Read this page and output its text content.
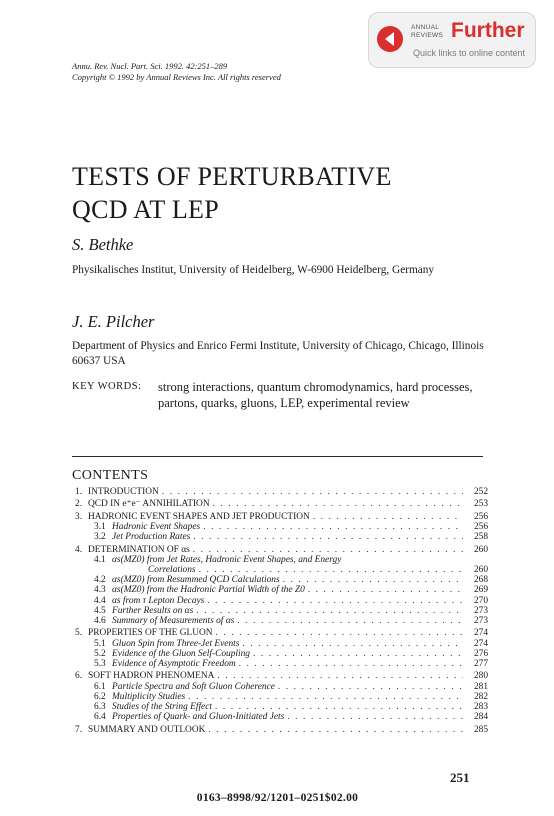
ANNUAL REVIEWS Further
Quick links to online content
Annu. Rev. Nucl. Part. Sci. 1992. 42:251–289
Copyright © 1992 by Annual Reviews Inc. All rights reserved
TESTS OF PERTURBATIVE
QCD AT LEP
S. Bethke
Physikalisches Institut, University of Heidelberg, W-6900 Heidelberg, Germany
J. E. Pilcher
Department of Physics and Enrico Fermi Institute, University of Chicago, Chicago, Illinois 60637 USA
KEY WORDS: strong interactions, quantum chromodynamics, hard processes, partons, quarks, gluons, LEP, experimental review
CONTENTS
1. INTRODUCTION . . .	252
2. QCD IN e⁺e⁻ ANNIHILATION . . .	253
3. HADRONIC EVENT SHAPES AND JET PRODUCTION . . .	256
3.1 Hadronic Event Shapes . . .	256
3.2 Jet Production Rates . . .	258
4. DETERMINATION OF αs . . .	260
4.1 αs(MZ0) from Jet Rates, Hadronic Event Shapes, and Energy
Correlations . . .	260
4.2 αs(MZ0) from Resummed QCD Calculations . . .	268
4.3 αs(MZ0) from the Hadronic Partial Width of the Z0 . . .	269
4.4 αs from τ Lepton Decays . . .	270
4.5 Further Results on αs . . .	273
4.6 Summary of Measurements of αs . . .	273
5. PROPERTIES OF THE GLUON . . .	274
5.1 Gluon Spin from Three-Jet Events . . .	274
5.2 Evidence of the Gluon Self-Coupling . . .	276
5.3 Evidence of Asymptotic Freedom . . .	277
6. SOFT HADRON PHENOMENA . . .	280
6.1 Particle Spectra and Soft Gluon Coherence . . .	281
6.2 Multiplicity Studies . . .	282
6.3 Studies of the String Effect . . .	283
6.4 Properties of Quark- and Gluon-Initiated Jets . . .	284
7. SUMMARY AND OUTLOOK . . .	285
251
0163–8998/92/1201–0251$02.00
